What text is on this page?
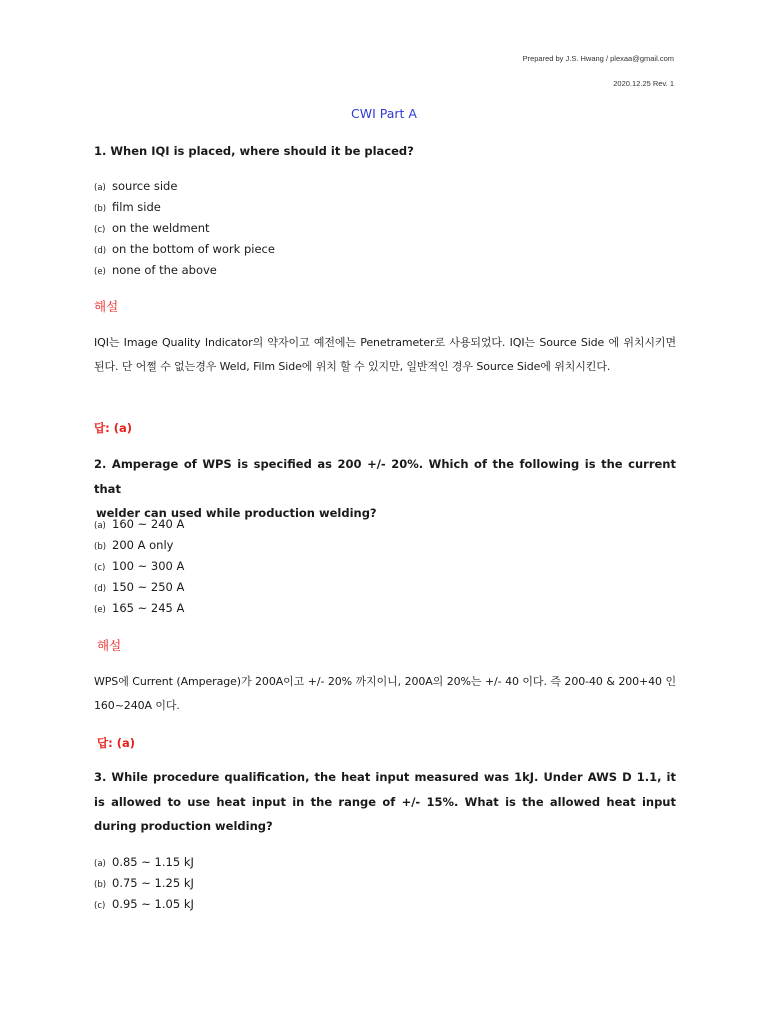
Prepared by J.S. Hwang / plexaa@gmail.com
2020.12.25 Rev. 1
CWI Part A
1. When IQI is placed, where should it be placed?
(a) source side
(b) film side
(c) on the weldment
(d) on the bottom of work piece
(e) none of the above
해설
IQI는 Image Quality Indicator의 약자이고 예전에는 Penetrameter로 사용되었다. IQI는 Source Side 에 위치시키면 된다. 단 어쩔 수 없는경우 Weld, Film Side에 위치 할 수 있지만, 일반적인 경우 Source Side에 위치시킨다.
답: (a)
2. Amperage of WPS is specified as 200 +/- 20%. Which of the following is the current that
welder can used while production welding?
(a) 160 ~ 240 A
(b) 200 A only
(c) 100 ~ 300 A
(d) 150 ~ 250 A
(e) 165 ~ 245 A
해설
WPS에 Current (Amperage)가 200A이고 +/- 20% 까지이니, 200A의 20%는 +/- 40 이다. 즉 200-40 & 200+40 인 160~240A 이다.
답: (a)
3. While procedure qualification, the heat input measured was 1kJ. Under AWS D 1.1, it is allowed to use heat input in the range of +/- 15%. What is the allowed heat input during production welding?
(a) 0.85 ~ 1.15 kJ
(b) 0.75 ~ 1.25 kJ
(c) 0.95 ~ 1.05 kJ
